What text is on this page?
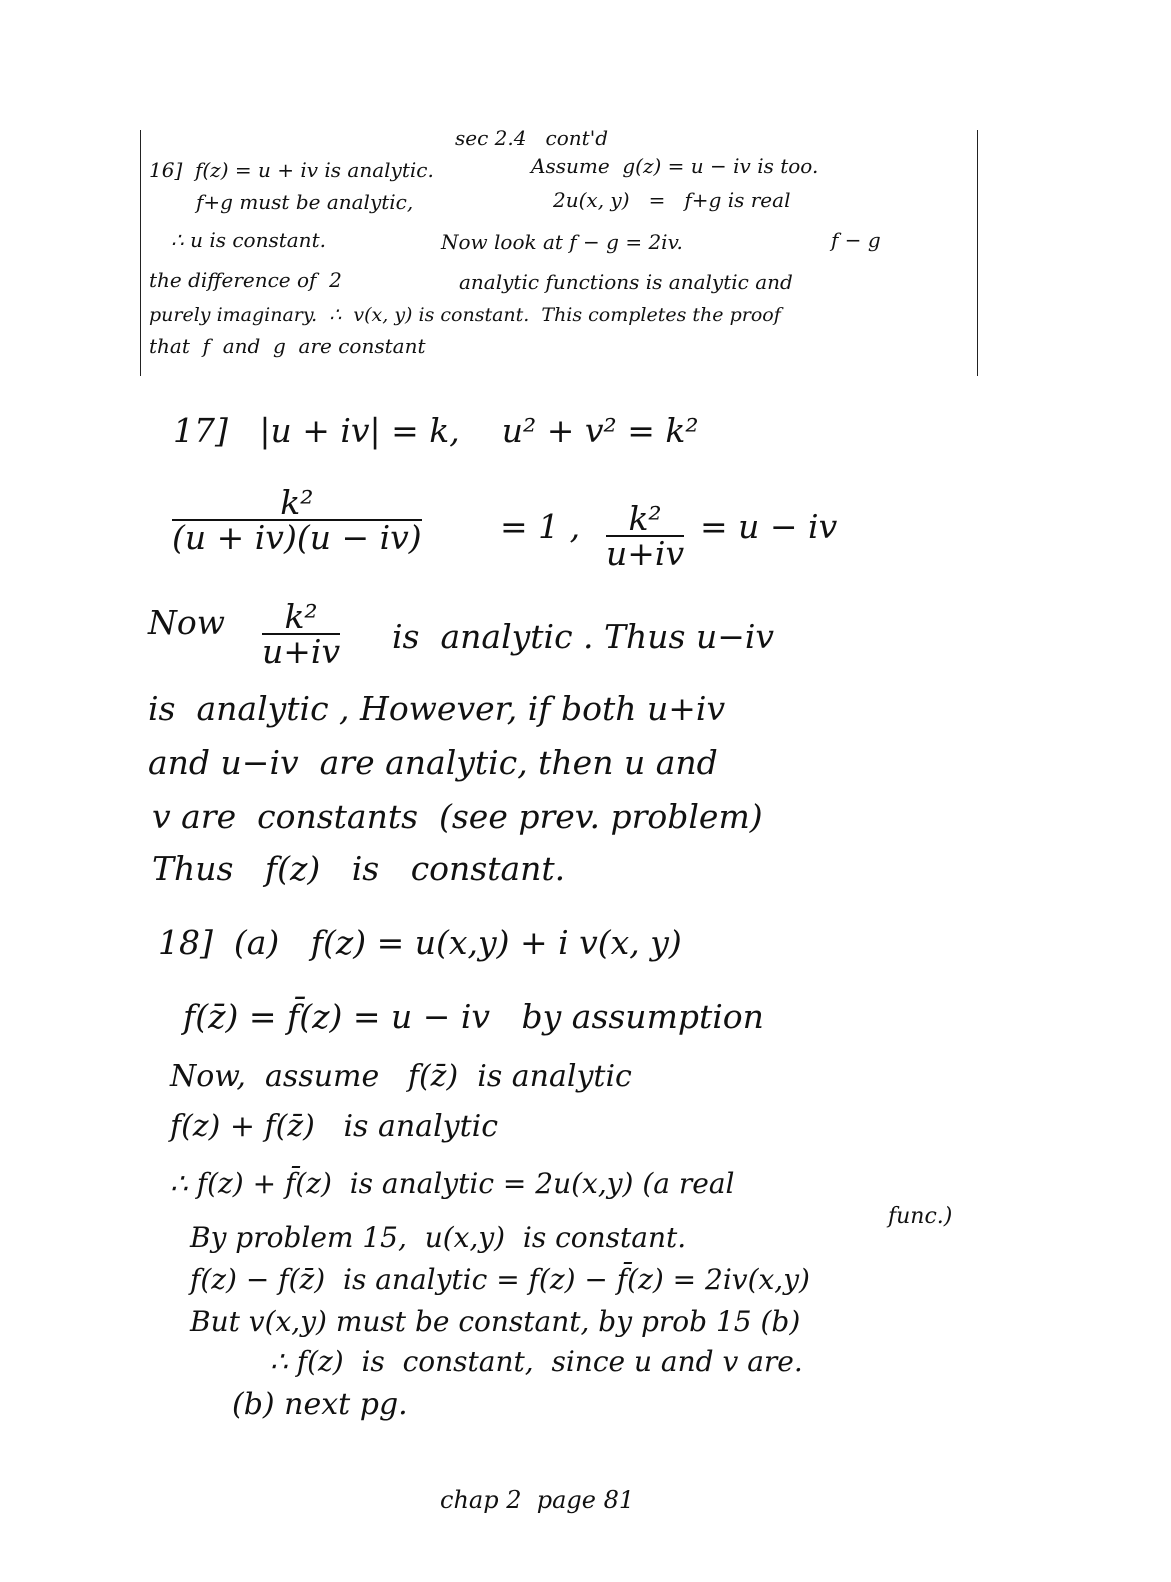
sec 2.4   cont'd
16]  f(z) = u + iv is analytic.	Assume  g(z) = u − iv is too.
f+g must be analytic,	2u(x, y)   =   f+g is real
∴ u is constant.	Now look at f − g = 2iv.	f − g
the difference of  2	analytic functions is analytic and
purely imaginary.  ∴  v(x, y) is constant.  This completes the proof
that  f  and  g  are constant
17]   |u + iv| = k,    u² + v² = k²
k²
(u + iv)(u − iv) = 1 , k²
u+iv
= u − iv
Now k²
u+iv is  analytic . Thus u−iv
is  analytic , However, if both u+iv
and u−iv  are analytic, then u and
v are  constants  (see prev. problem)
Thus   f(z)   is   constant.
18]  (a)   f(z) = u(x,y) + i v(x, y)
f(z̄) = f̄(z) = u − iv   by assumption
Now,  assume   f(z̄)  is analytic
f(z) + f(z̄)   is analytic
∴ f(z) + f̄(z)  is analytic = 2u(x,y) (a real
func.)
By problem 15,  u(x,y)  is constant.
f(z) − f(z̄)  is analytic = f(z) − f̄(z) = 2iv(x,y)
But v(x,y) must be constant, by prob 15 (b)
∴ f(z)  is  constant,  since u and v are.
(b) next pg.
chap 2  page 81
